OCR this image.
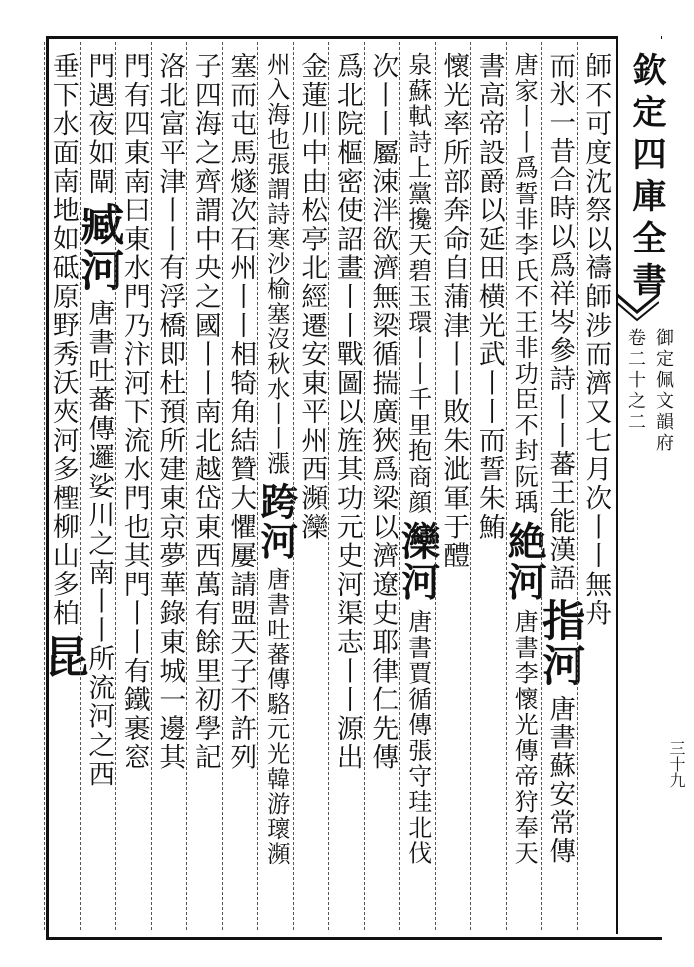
欽定四庫全書
御定佩文韻府
卷二十之二
三十九
師不可度沈祭以禱師涉而濟又七月次丨丨無舟
而氷一昔合時以爲祥岑參詩丨丨蕃王能漢語
指河
唐書蘇安常傳
唐家丨丨爲誓非李氏不王非功臣不封阮瑀
絶河
唐書李懷光傳帝狩奉天
書高帝設爵以延田横光武丨丨而誓朱鮪
懷光率所部奔命自蒲津丨丨敗朱泚軍于醴
泉蘇軾詩上黨攙天碧玉環丨丨千里抱商顔
灤河
唐書賈循傳張守珪北伐
次丨丨屬涑泮欲濟無梁循揣廣狹爲梁以濟遼史耶律仁先傳
爲北院樞密使詔畫丨丨戰圖以旌其功元史河渠志丨丨源出
金蓮川中由松亭北經遷安東平州西瀕灤
州入海也張謂詩寒沙榆塞沒秋水丨丨漲
跨河
唐書吐蕃傳駱元光韓游瓌瀕
塞而屯馬燧次石州丨丨相犄角結贊大懼屢請盟天子不許列
子四海之齊謂中央之國丨丨南北越岱東西萬有餘里初學記
洛北富平津丨丨有浮橋即杜預所建東京夢華錄東城一邊其
門有四東南曰東水門乃汴河下流水門也其門丨丨有鐵裹窓
門遇夜如閘
臧河
唐書吐蕃傳邏娑川之南丨丨所流河之西
垂下水面
南地如砥原野秀沃夾河多檉柳山多柏
昆
